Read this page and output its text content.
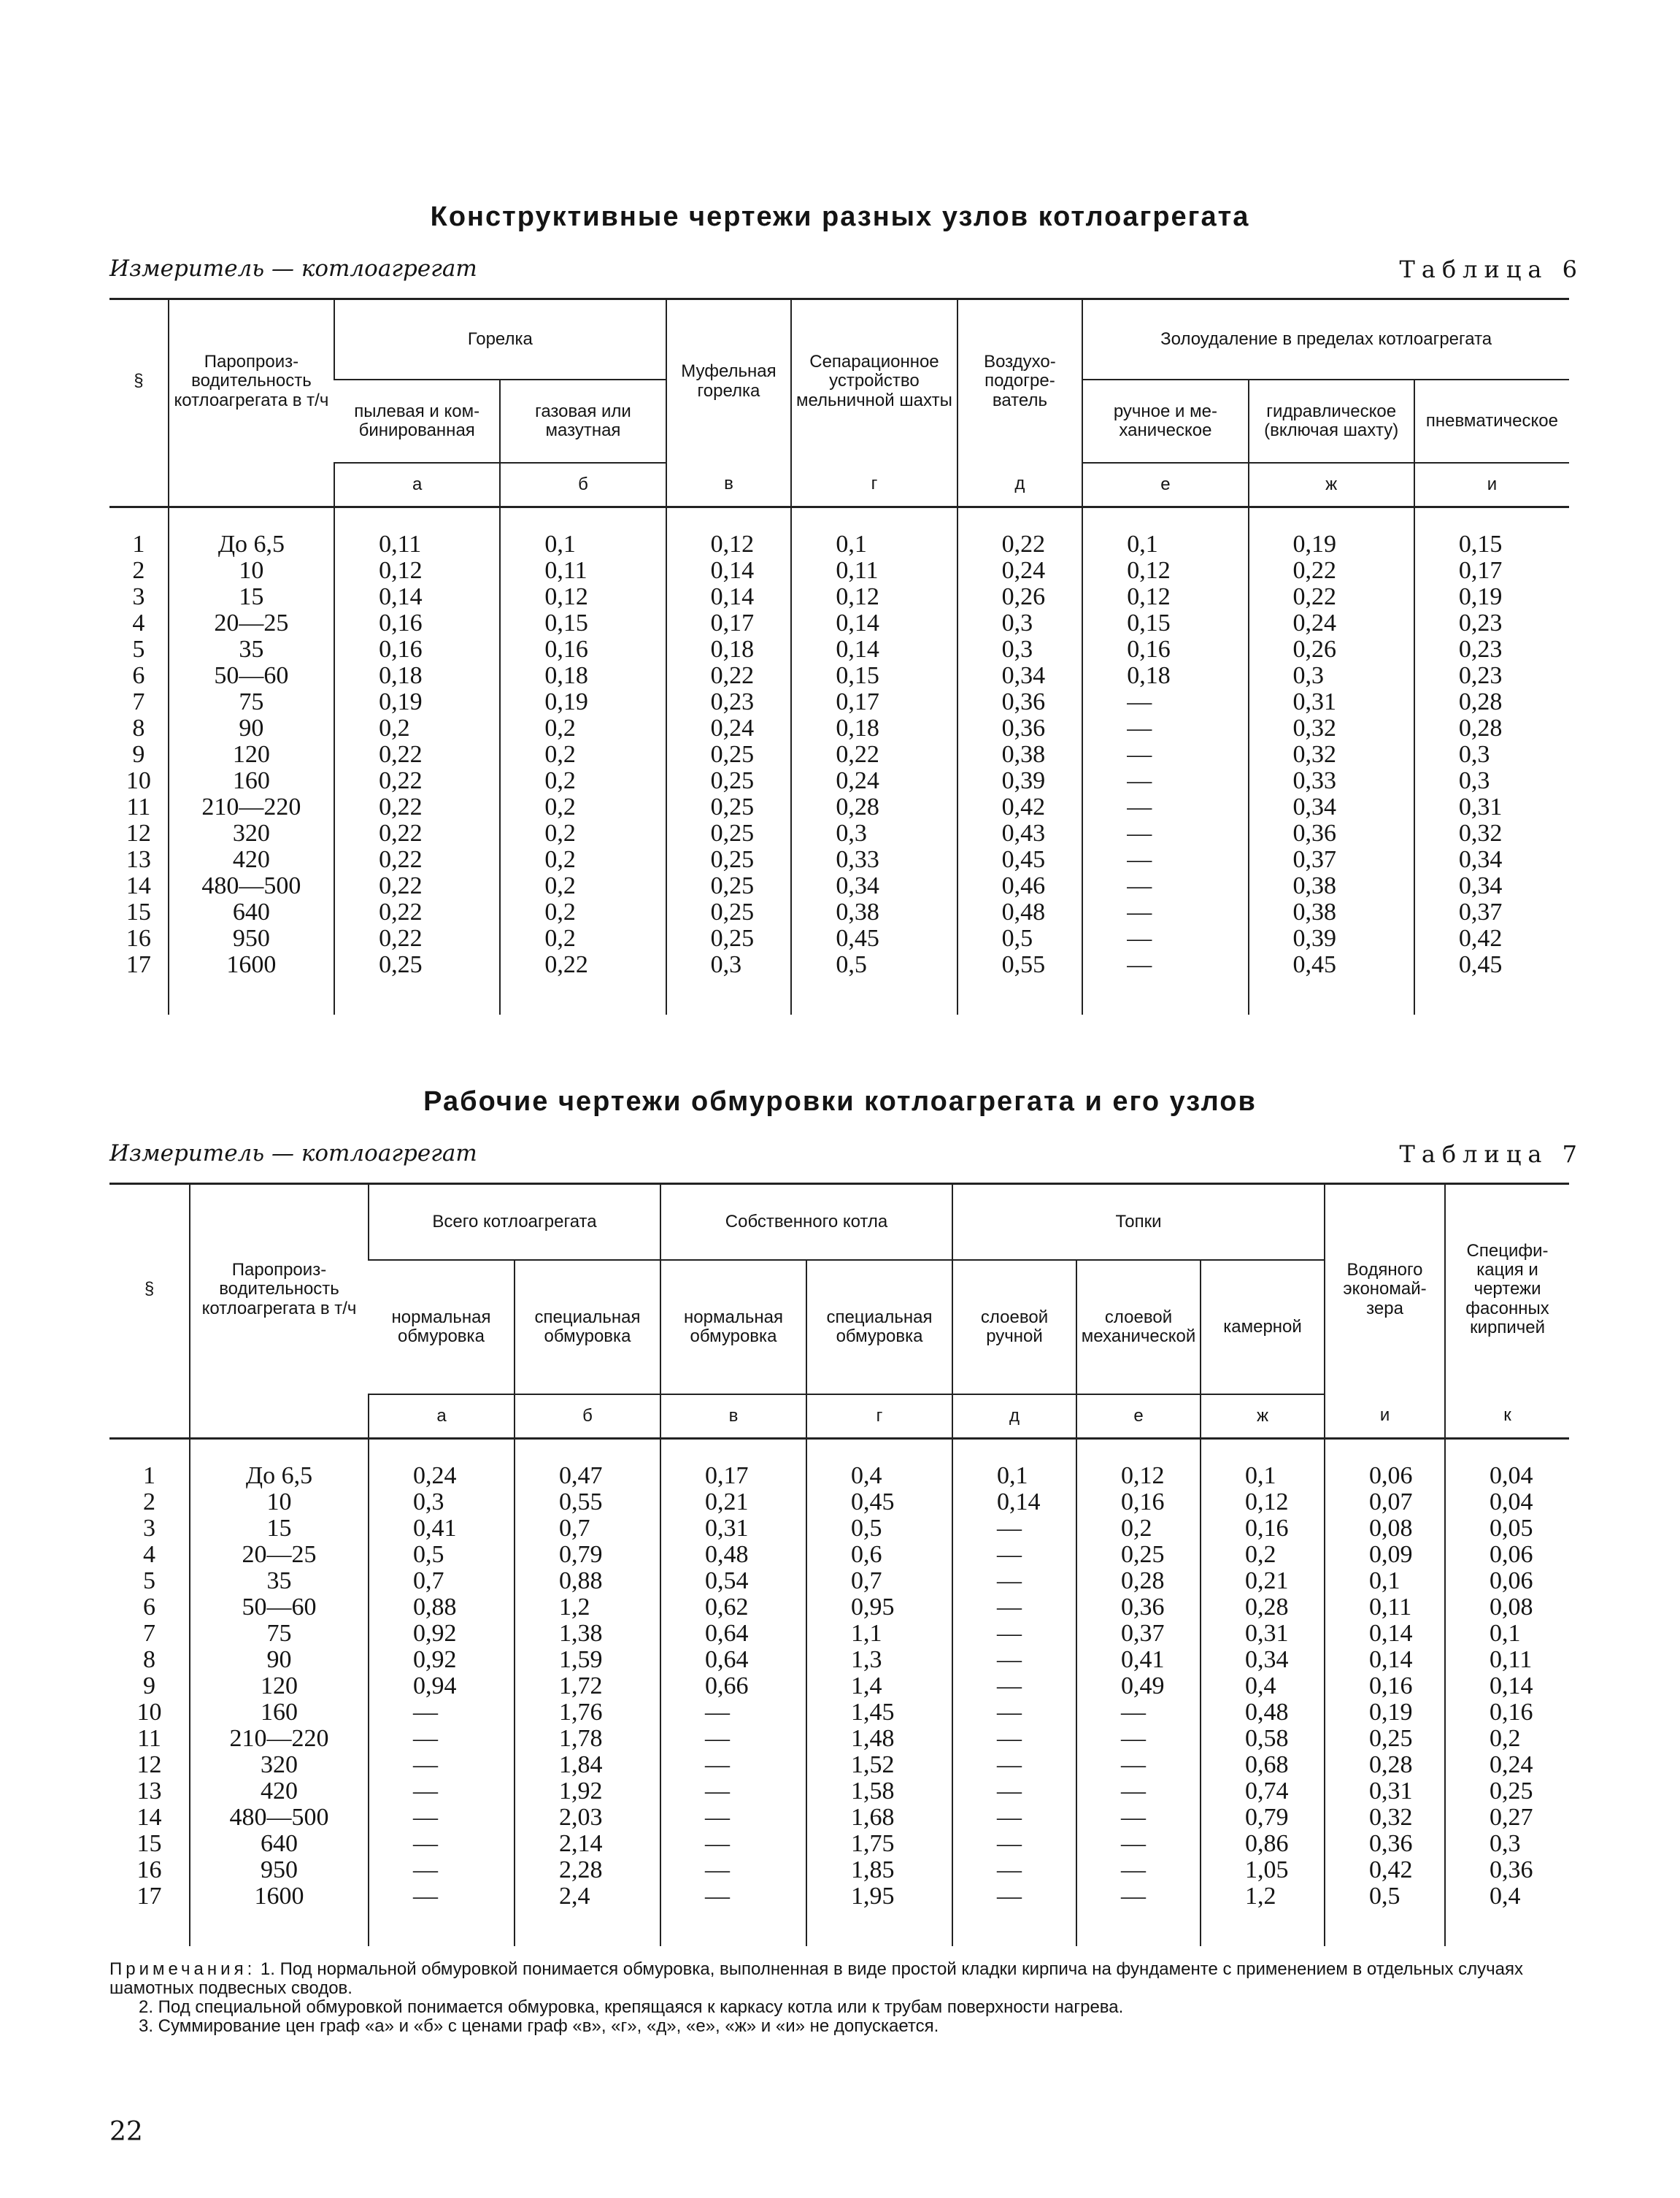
Конструктивные чертежи разных узлов котлоагрегата
Измеритель — котлоагрегат	Таблица 6
§	Паропроизводительность котлоагрегата в т/ч	Горелка		Муфельная горелка	Сепарационное устройство мельничной шахты	Воздухоподогреватель	Золоудаление в пределах котлоагрегата		
		пылевая и комбинированная	газовая или мазутная				ручное и механическое	гидравлическое (включая шахту)	пневматическое
		а	б	в	г	д	е	ж	и
1	До 6,5	0,11	0,1	0,12	0,1	0,22	0,1	0,19	0,15
2	10	0,12	0,11	0,14	0,11	0,24	0,12	0,22	0,17
3	15	0,14	0,12	0,14	0,12	0,26	0,12	0,22	0,19
4	20—25	0,16	0,15	0,17	0,14	0,3	0,15	0,24	0,23
5	35	0,16	0,16	0,18	0,14	0,3	0,16	0,26	0,23
6	50—60	0,18	0,18	0,22	0,15	0,34	0,18	0,3	0,23
7	75	0,19	0,19	0,23	0,17	0,36	—	0,31	0,28
8	90	0,2	0,2	0,24	0,18	0,36	—	0,32	0,28
9	120	0,22	0,2	0,25	0,22	0,38	—	0,32	0,3
10	160	0,22	0,2	0,25	0,24	0,39	—	0,33	0,3
11	210—220	0,22	0,2	0,25	0,28	0,42	—	0,34	0,31
12	320	0,22	0,2	0,25	0,3	0,43	—	0,36	0,32
13	420	0,22	0,2	0,25	0,33	0,45	—	0,37	0,34
14	480—500	0,22	0,2	0,25	0,34	0,46	—	0,38	0,34
15	640	0,22	0,2	0,25	0,38	0,48	—	0,38	0,37
16	950	0,22	0,2	0,25	0,45	0,5	—	0,39	0,42
17	1600	0,25	0,22	0,3	0,5	0,55	—	0,45	0,45
Рабочие чертежи обмуровки котлоагрегата и его узлов
Измеритель — котлоагрегат	Таблица 7
§	Паропроизводительность котлоагрегата в т/ч	Всего котлоагрегата		Собственного котла		Топки			Водяного экономайзера	Спецификация и чертежи фасонных кирпичей
		нормальная обмуровка	специальная обмуровка	нормальная обмуровка	специальная обмуровка	слоевой ручной	слоевой механической	камерной		
		а	б	в	г	д	е	ж	и	к
1	До 6,5	0,24	0,47	0,17	0,4	0,1	0,12	0,1	0,06	0,04
2	10	0,3	0,55	0,21	0,45	0,14	0,16	0,12	0,07	0,04
3	15	0,41	0,7	0,31	0,5	—	0,2	0,16	0,08	0,05
4	20—25	0,5	0,79	0,48	0,6	—	0,25	0,2	0,09	0,06
5	35	0,7	0,88	0,54	0,7	—	0,28	0,21	0,1	0,06
6	50—60	0,88	1,2	0,62	0,95	—	0,36	0,28	0,11	0,08
7	75	0,92	1,38	0,64	1,1	—	0,37	0,31	0,14	0,1
8	90	0,92	1,59	0,64	1,3	—	0,41	0,34	0,14	0,11
9	120	0,94	1,72	0,66	1,4	—	0,49	0,4	0,16	0,14
10	160	—	1,76	—	1,45	—	—	0,48	0,19	0,16
11	210—220	—	1,78	—	1,48	—	—	0,58	0,25	0,2
12	320	—	1,84	—	1,52	—	—	0,68	0,28	0,24
13	420	—	1,92	—	1,58	—	—	0,74	0,31	0,25
14	480—500	—	2,03	—	1,68	—	—	0,79	0,32	0,27
15	640	—	2,14	—	1,75	—	—	0,86	0,36	0,3
16	950	—	2,28	—	1,85	—	—	1,05	0,42	0,36
17	1600	—	2,4	—	1,95	—	—	1,2	0,5	0,4

Примечания: 1. Под нормальной обмуровкой понимается обмуровка, выполненная в виде простой кладки кирпича на фундаменте с применением в отдельных случаях шамотных подвесных сводов.

2. Под специальной обмуровкой понимается обмуровка, крепящаяся к каркасу котла или к трубам поверхности нагрева.

3. Суммирование цен граф «а» и «б» с ценами граф «в», «г», «д», «е», «ж» и «и» не допускается.

22
